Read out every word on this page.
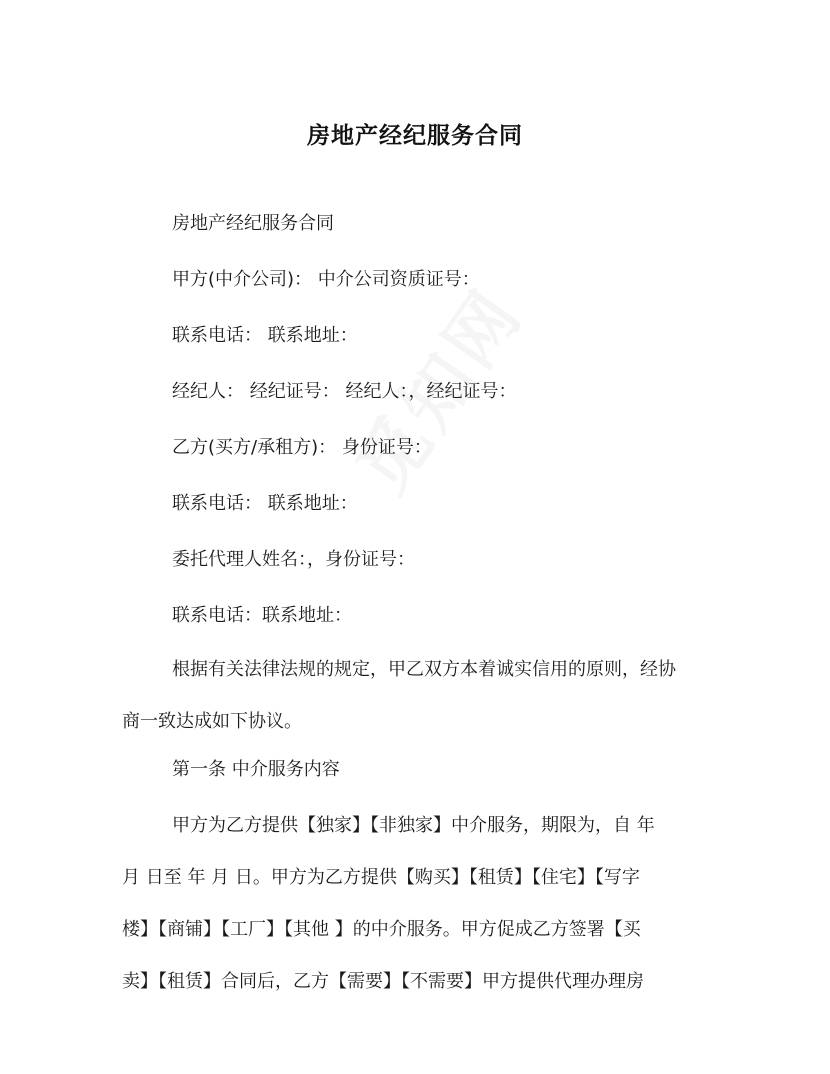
房地产经纪服务合同
房地产经纪服务合同
甲方(中介公司)： 中介公司资质证号：
联系电话： 联系地址：
经纪人： 经纪证号： 经纪人：，经纪证号：
乙方(买方/承租方)： 身份证号：
联系电话： 联系地址：
委托代理人姓名：，身份证号：
联系电话：联系地址：
根据有关法律法规的规定，甲乙双方本着诚实信用的原则，经协
商一致达成如下协议。
第一条 中介服务内容
甲方为乙方提供【独家】【非独家】中介服务，期限为，自 年
月 日至 年 月 日。甲方为乙方提供【购买】【租赁】【住宅】【写字
楼】【商铺】【工厂】【其他 】的中介服务。甲方促成乙方签署【买
卖】【租赁】合同后，乙方【需要】【不需要】甲方提供代理办理房
